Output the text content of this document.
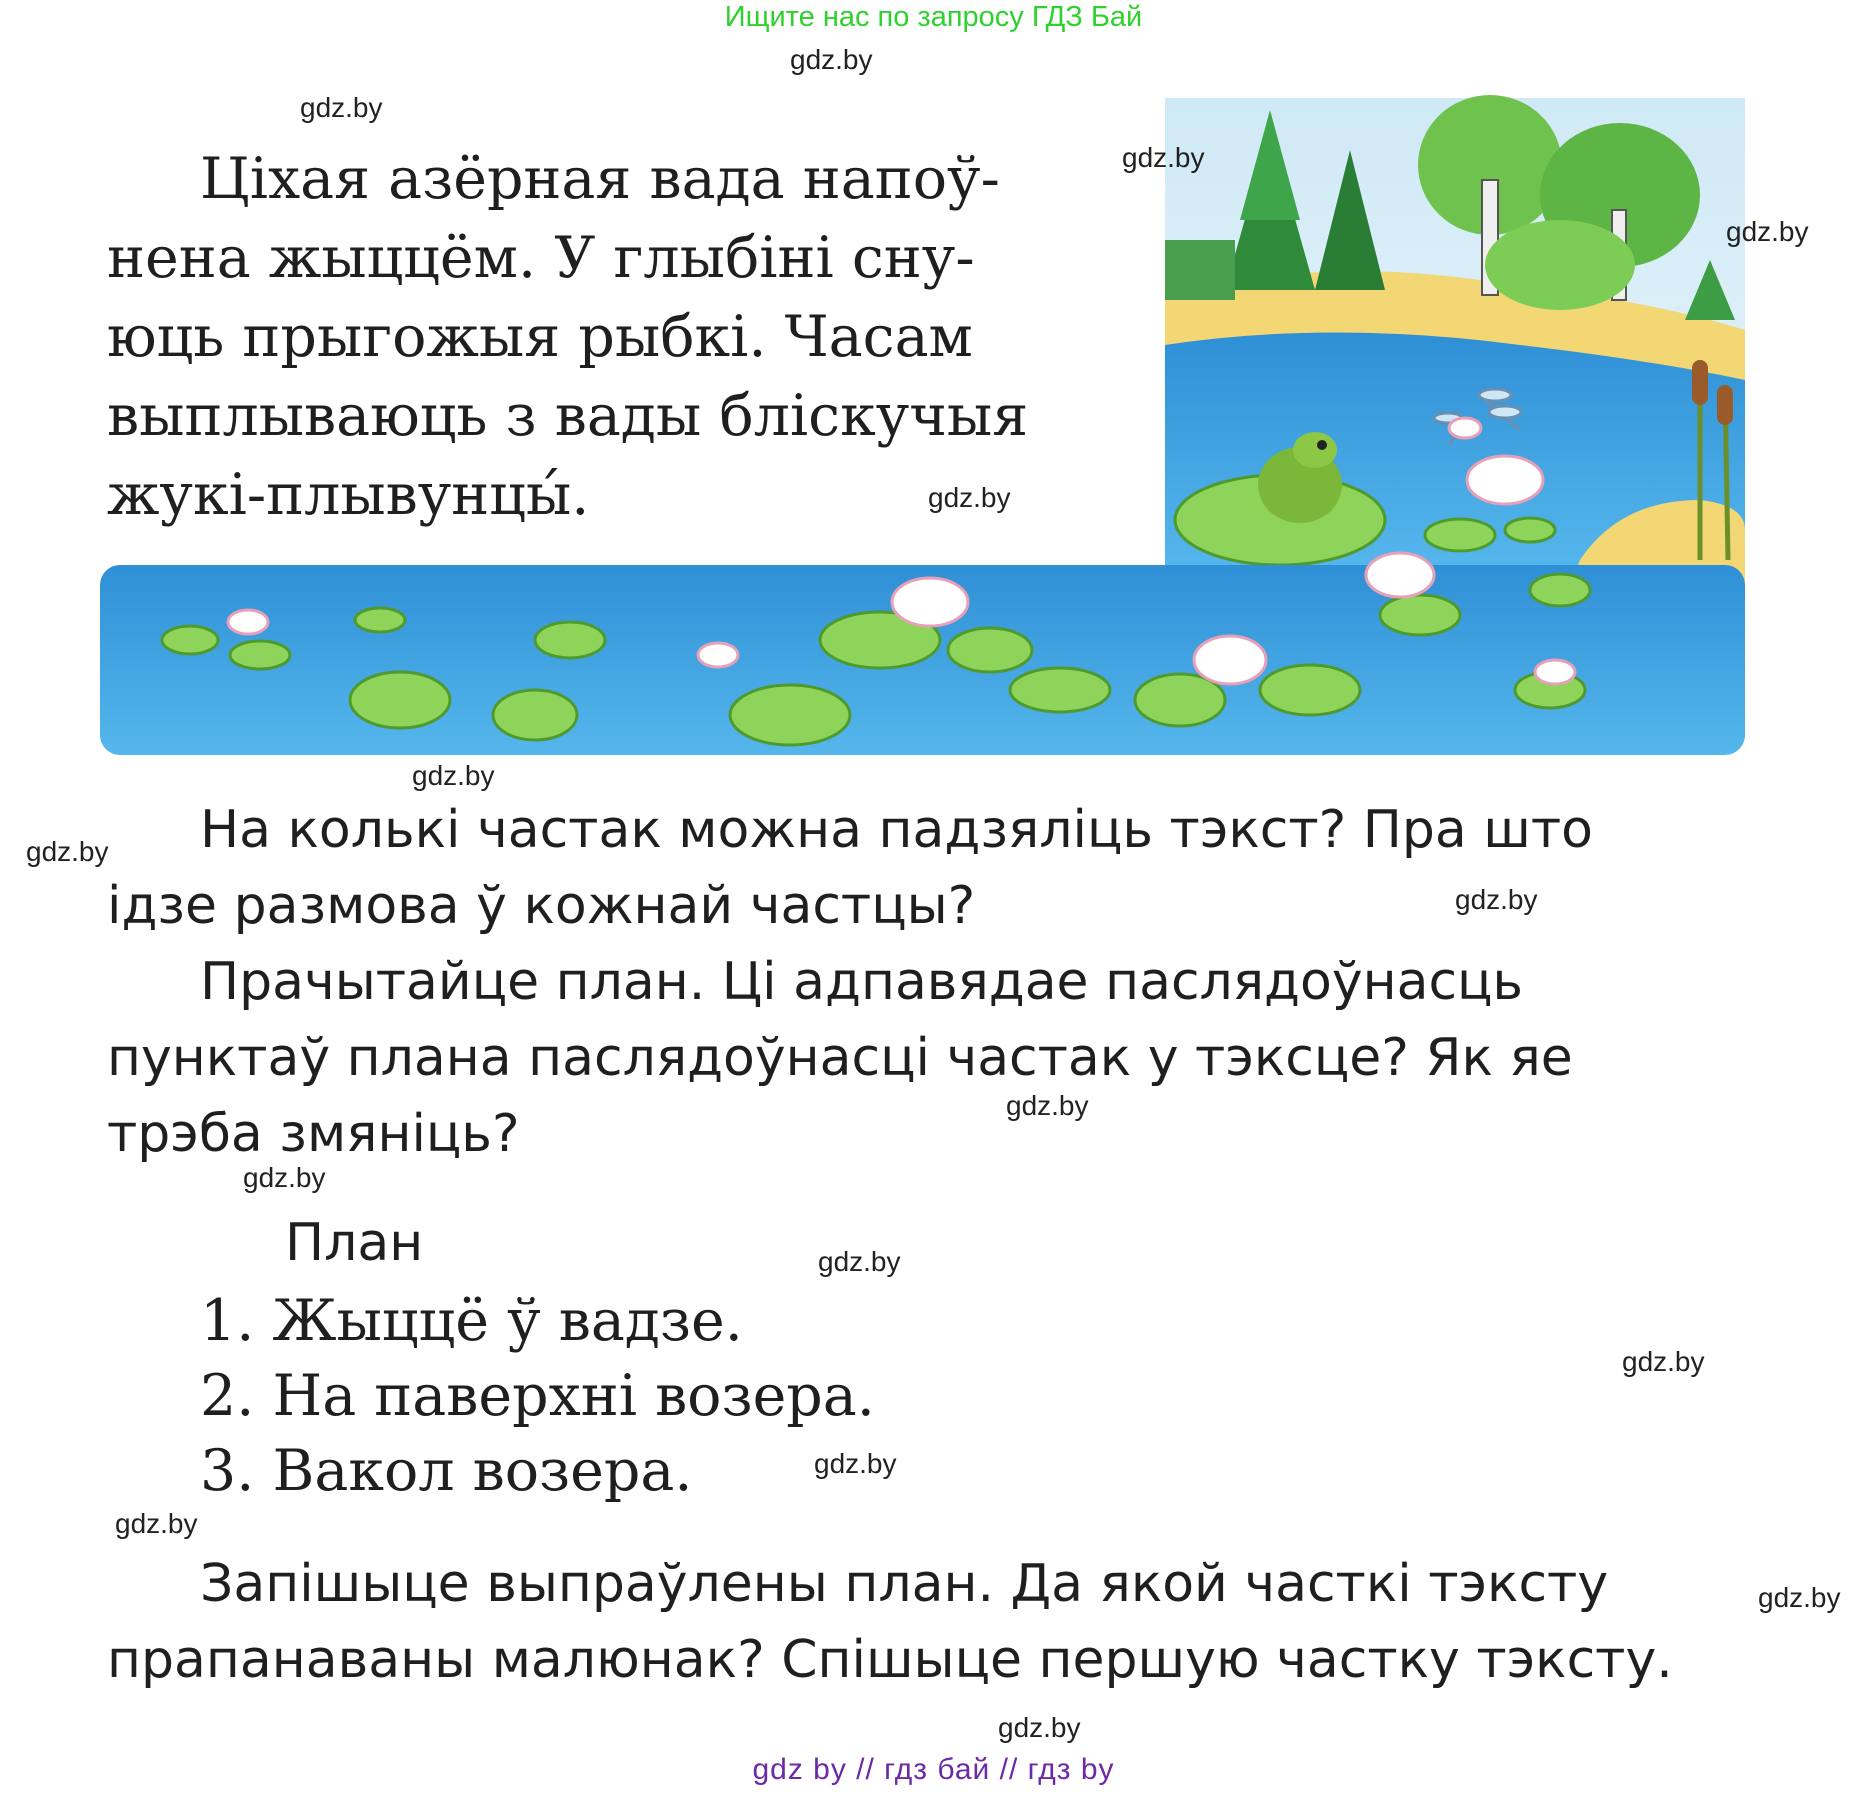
Ищите нас по запросу ГДЗ Бай
Ціхая азёрная вада напоў-
нена жыццём. У глыбіні сну-
юць прыгожыя рыбкі. Часам
выплываюць з вады бліскучыя
жукі-плывунцы́.
На колькі частак можна падзяліць тэкст? Пра што
ідзе размова ў кожнай частцы?
Прачытайце план. Ці адпавядае паслядоўнасць
пунктаў плана паслядоўнасці частак у тэксце? Як яе
трэба змяніць?
План
1. Жыццё ў вадзе.
2. На паверхні возера.
3. Вакол возера.
Запішыце выпраўлены план. Да якой часткі тэксту
прапанаваны малюнак? Спішыце першую частку тэксту.
gdz.by
gdz.by
gdz.by
gdz.by
gdz.by
gdz.by
gdz.by
gdz.by
gdz.by
gdz.by
gdz.by
gdz.by
gdz.by
gdz.by
gdz.by
gdz.by
gdz by // гдз бай // гдз by
